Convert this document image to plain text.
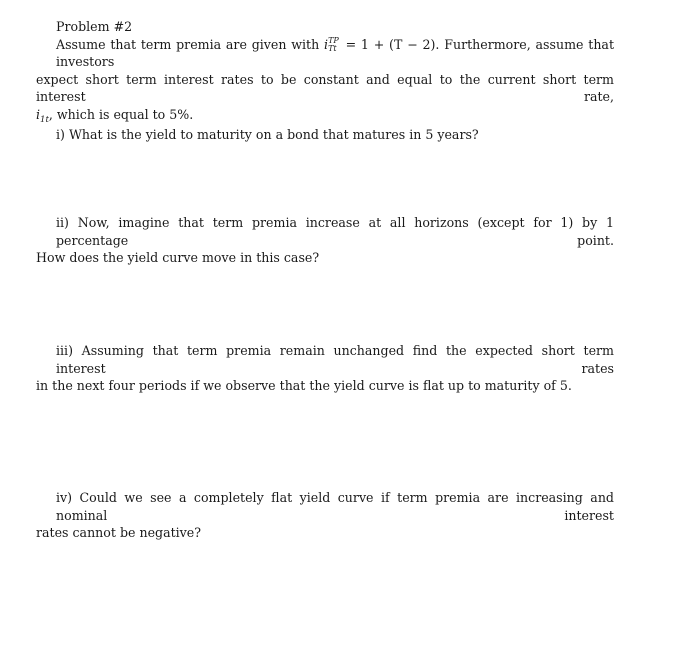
Problem #2
Assume that term premia are given with i TP
Tt = 1 + (T − 2). Furthermore, assume that investors
expect short term interest rates to be constant and equal to the current short term interest rate,
$i_{1t}$, which is equal to 5%.
i) What is the yield to maturity on a bond that matures in 5 years?
ii) Now, imagine that term premia increase at all horizons (except for 1) by 1 percentage point.
How does the yield curve move in this case?
iii) Assuming that term premia remain unchanged find the expected short term interest rates
in the next four periods if we observe that the yield curve is flat up to maturity of 5.
iv) Could we see a completely flat yield curve if term premia are increasing and nominal interest
rates cannot be negative?
